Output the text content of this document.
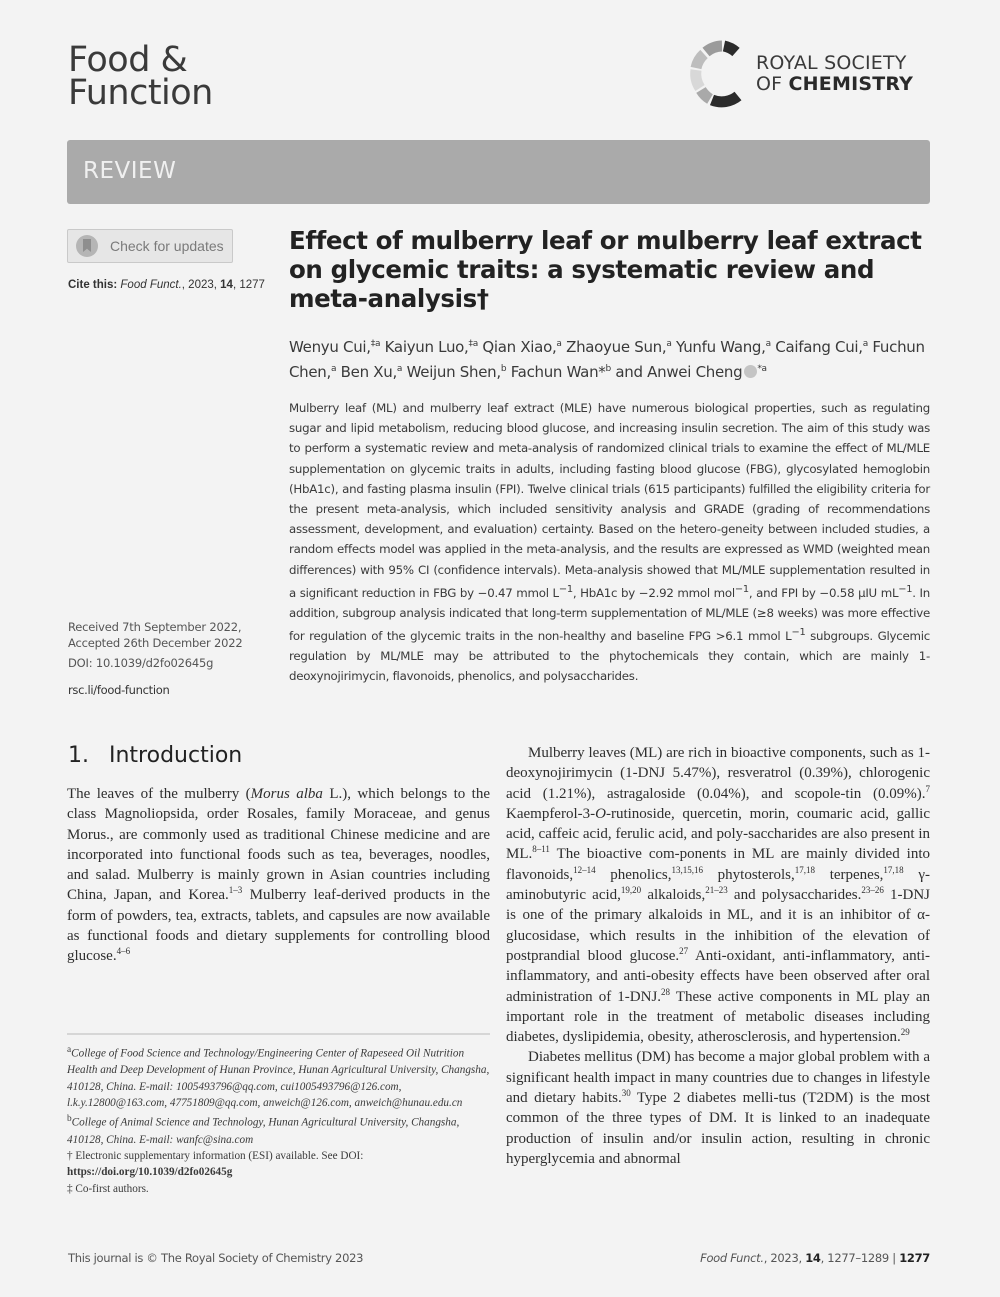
Food &
Function
ROYAL SOCIETY
OF CHEMISTRY
REVIEW
Check for updates
Cite this: Food Funct., 2023, 14, 1277
Received 7th September 2022,
Accepted 26th December 2022
DOI: 10.1039/d2fo02645g
rsc.li/food-function
Effect of mulberry leaf or mulberry leaf extract on glycemic traits: a systematic review and meta-analysis†
Wenyu Cui,$^{\ddagger a}$ Kaiyun Luo,$^{\ddagger a}$ Qian Xiao,$^a$ Zhaoyue Sun,$^a$ Yunfu Wang,$^a$ Caifang Cui,$^a$ Fuchun Chen,$^a$ Ben Xu,$^a$ Weijun Shen,$^b$ Fachun Wan*$^b$ and Anwei Cheng $^{*a}$
Mulberry leaf (ML) and mulberry leaf extract (MLE) have numerous biological properties, such as regulating sugar and lipid metabolism, reducing blood glucose, and increasing insulin secretion. The aim of this study was to perform a systematic review and meta-analysis of randomized clinical trials to examine the effect of ML/MLE supplementation on glycemic traits in adults, including fasting blood glucose (FBG), glycosylated hemoglobin (HbA1c), and fasting plasma insulin (FPI). Twelve clinical trials (615 participants) fulfilled the eligibility criteria for the present meta-analysis, which included sensitivity analysis and GRADE (grading of recommendations assessment, development, and evaluation) certainty. Based on the hetero-geneity between included studies, a random effects model was applied in the meta-analysis, and the results are expressed as WMD (weighted mean differences) with 95% CI (confidence intervals). Meta-analysis showed that ML/MLE supplementation resulted in a significant reduction in FBG by −0.47 mmol $L^{-1}$, HbA1c by −2.92 mmol mol$^{-1}$, and FPI by −0.58 μIU $mL^{-1}$. In addition, subgroup analysis indicated that long-term supplementation of ML/MLE (≥8 weeks) was more effective for regulation of the glycemic traits in the non-healthy and baseline FPG >6.1 mmol $L^{-1}$ subgroups. Glycemic regulation by ML/MLE may be attributed to the phytochemicals they contain, which are mainly 1-deoxynojirimycin, flavonoids, phenolics, and polysaccharides.
1. Introduction

The leaves of the mulberry (Morus alba L.), which belongs to the class Magnoliopsida, order Rosales, family Moraceae, and genus Morus., are commonly used as traditional Chinese medicine and are incorporated into functional foods such as tea, beverages, noodles, and salad. Mulberry is mainly grown in Asian countries including China, Japan, and Korea.$^{1-3}$ Mulberry leaf-derived products in the form of powders, tea, extracts, tablets, and capsules are now available as functional foods and dietary supplements for controlling blood glucose.$^{4-6}$

Mulberry leaves (ML) are rich in bioactive components, such as 1-deoxynojirimycin (1-DNJ 5.47%), resveratrol (0.39%), chlorogenic acid (1.21%), astragaloside (0.04%), and scopole-tin (0.09%).$^7$ Kaempferol-3-O-rutinoside, quercetin, morin, coumaric acid, gallic acid, caffeic acid, ferulic acid, and poly-saccharides are also present in ML.$^{8-11}$ The bioactive com-ponents in ML are mainly divided into flavonoids,$^{12-14}$ phenolics,$^{13,15,16}$ phytosterols,$^{17,18}$ terpenes,$^{17,18}$ γ-aminobutyric acid,$^{19,20}$ alkaloids,$^{21-23}$ and polysaccharides.$^{23-26}$ 1-DNJ is one of the primary alkaloids in ML, and it is an inhibitor of α-glucosidase, which results in the inhibition of the elevation of postprandial blood glucose.$^{27}$ Anti-oxidant, anti-inflammatory, anti-inflammatory, and anti-obesity effects have been observed after oral administration of 1-DNJ.$^{28}$ These active components in ML play an important role in the treatment of metabolic diseases including diabetes, dyslipidemia, obesity, atherosclerosis, and hypertension.$^{29}$

Diabetes mellitus (DM) has become a major global problem with a significant health impact in many countries due to changes in lifestyle and dietary habits.$^{30}$ Type 2 diabetes melli-tus (T2DM) is the most common of the three types of DM. It is linked to an inadequate production of insulin and/or insulin action, resulting in chronic hyperglycemia and abnormal

$^a$College of Food Science and Technology/Engineering Center of Rapeseed Oil Nutrition Health and Deep Development of Hunan Province, Hunan Agricultural University, Changsha, 410128, China. E-mail: 1005493796@qq.com, cui1005493796@126.com, l.k.y.12800@163.com, 47751809@qq.com, anweich@126.com, anweich@hunau.edu.cn

$^b$College of Animal Science and Technology, Hunan Agricultural University, Changsha, 410128, China. E-mail: wanfc@sina.com

† Electronic supplementary information (ESI) available. See DOI: https://doi.org/10.1039/d2fo02645g

‡ Co-first authors.

This journal is © The Royal Society of Chemistry 2023	Food Funct., 2023, 14, 1277–1289 | 1277
